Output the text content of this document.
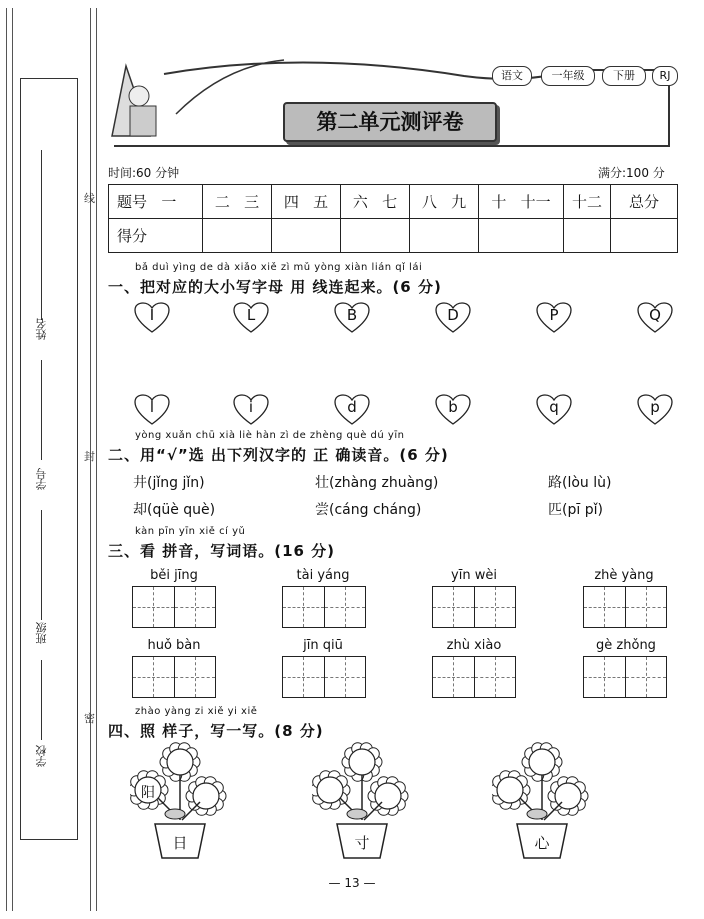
姓名
学号
班级
学校
线
封
密
语文	一年级	下册	RJ
第二单元测评卷
时间:60 分钟	满分:100 分
题号 一	二 三	四 五	六 七	八 九	十 十一	十二	总分
得分							
bǎ duì yìng de dà xiǎo xiě zì mǔ yòng xiàn lián qǐ lái
一、把对应的大小写字母 用 线连起来。(6 分)
I	L	B	D	P	Q
l	i	d	b	q	p
yòng xuǎn chū xià liè hàn zì de zhèng què dú yīn
二、用“√”选 出下列汉字的 正 确读音。(6 分)
井(jǐng jǐn)	壮(zhàng zhuàng)	路(lòu lù)
却(qüè què)	尝(cáng cháng)	匹(pī pǐ)
kàn pīn yīn xiě cí yǔ
三、看 拼音，写词语。(16 分)
běi jīng	tài yáng	yīn wèi	zhè yàng
huǒ bàn	jīn qiū	zhù xiào	gè zhǒng
zhào yàng zi xiě yi xiě
四、照 样子，写一写。(8 分)
日
阳
寸	心
— 13 —
